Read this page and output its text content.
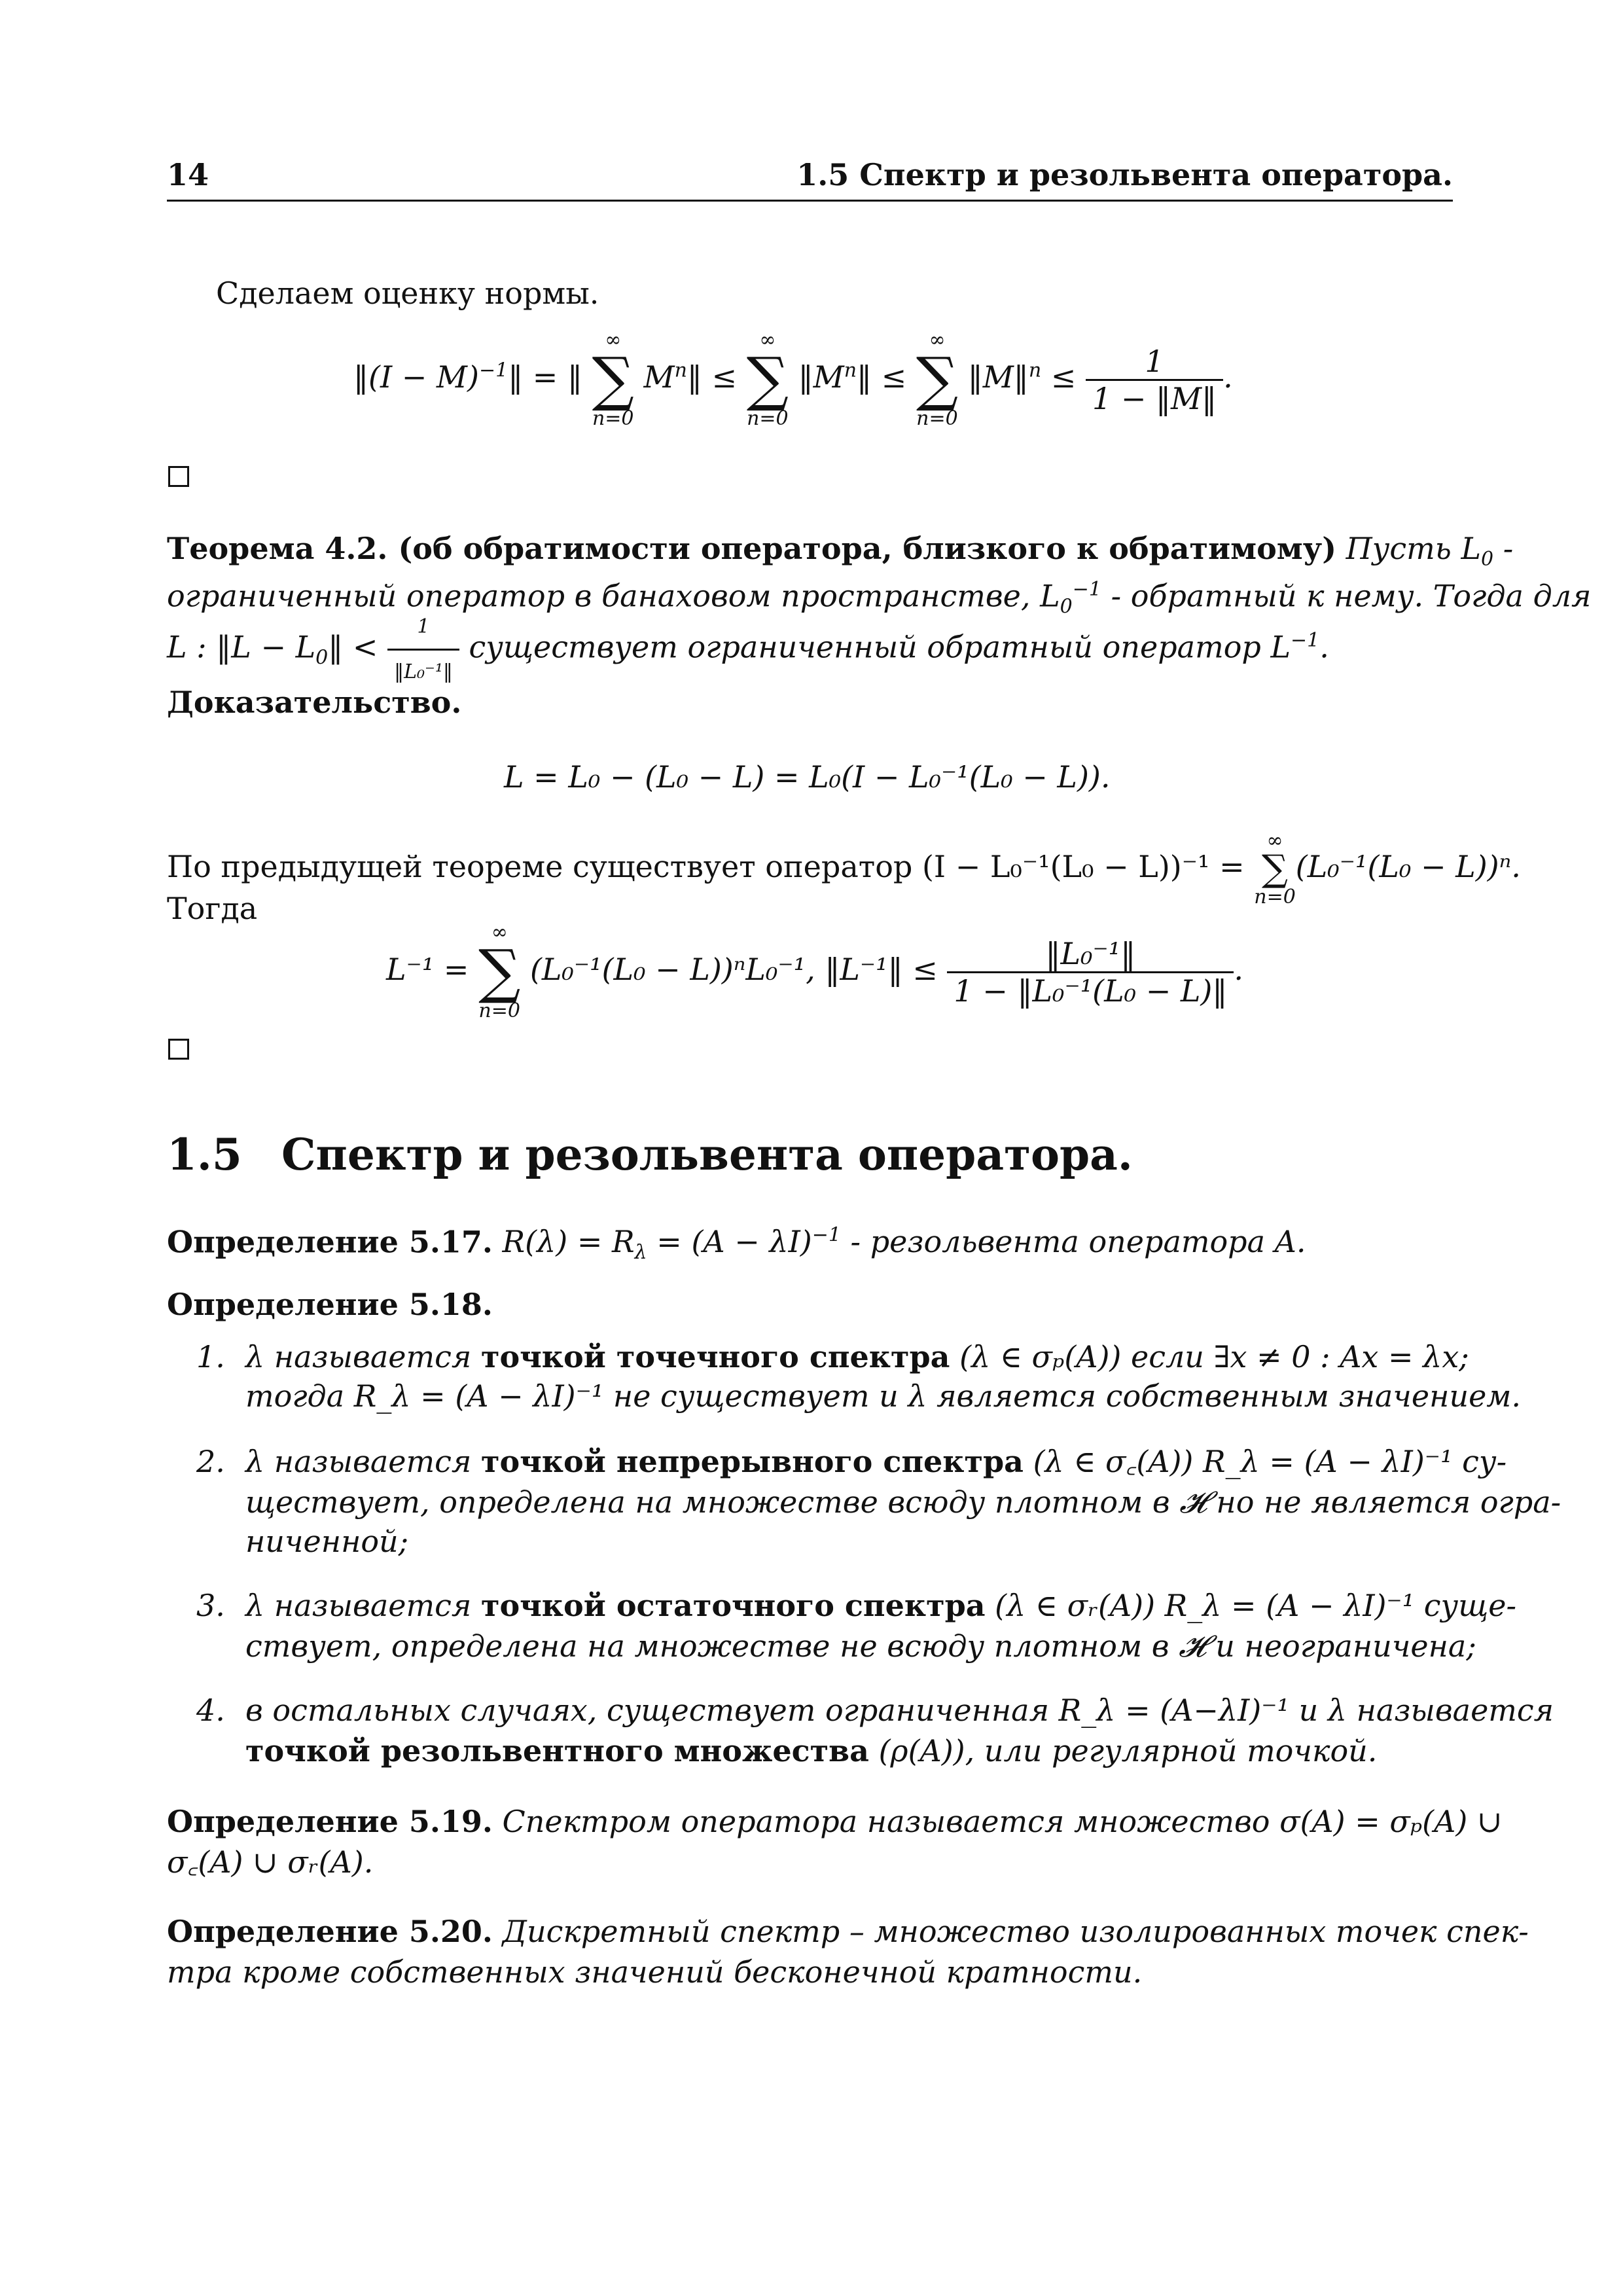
14	1.5 Спектр и резольвента оператора.
Сделаем оценку нормы.
‖(I − M)$^{-1}$‖ = ‖
∞
∑
n=0
$M^n‖$ ≤
∞
∑
n=0
$‖M^n‖$ ≤
∞
∑
n=0
‖M‖$^n$ ≤ $\frac{1}{1 - ‖M‖}$ .
Теорема 4.2. (об обратимости оператора, близкого к обратимому) Пусть $L_0$ -
ограниченный оператор в банаховом пространстве, $L_0^{-1}$ - обратный к нему. Тогда для
L : ‖L − $L_0‖ < \frac{1}{\text{‖L₀⁻¹‖}}$ существует ограниченный обратный оператор $L^{-1}$.
Доказательство.
L = L₀ − (L₀ − L) = L₀(I − L₀⁻¹(L₀ − L)).
По предыдущей теореме существует оператор (I − L₀⁻¹(L₀ − L))⁻¹ =
∞
∑
n=0
(L₀⁻¹(L₀ − L))ⁿ.
Тогда
L⁻¹ =
∞
∑
n=0
(L₀⁻¹(L₀ − L))ⁿL₀⁻¹, ‖L⁻¹‖ ≤ $\frac{\text{‖L₀⁻¹‖}}{\text{1 − ‖L₀⁻¹(L₀ − L)‖}}$ .
1.5 Спектр и резольвента оператора.
Определение 5.17. $R(\lambda) = R_\lambda = (A - \lambda I)^{-1}$ - резольвента оператора A.
Определение 5.18.
1. λ называется точкой точечного спектра (λ ∈ σₚ(A)) если ∃x ≠ 0 : Ax = λx;
тогда R_λ = (A − λI)⁻¹ не существует и λ является собственным значением.
2. λ называется точкой непрерывного спектра (λ ∈ σ꜀(A)) R_λ = (A − λI)⁻¹ су-
ществует, определена на множестве всюду плотном в 𝓗 но не является огра-
ниченной;
3. λ называется точкой остаточного спектра (λ ∈ σᵣ(A)) R_λ = (A − λI)⁻¹ суще-
ствует, определена на множестве не всюду плотном в 𝓗 и неограничена;
4. в остальных случаях, существует ограниченная R_λ = (A−λI)⁻¹ и λ называется
точкой резольвентного множества (ρ(A)), или регулярной точкой.
Определение 5.19. Спектром оператора называется множество σ(A) = σₚ(A) ∪
σ꜀(A) ∪ σᵣ(A).
Определение 5.20. Дискретный спектр – множество изолированных точек спек-
тра кроме собственных значений бесконечной кратности.
